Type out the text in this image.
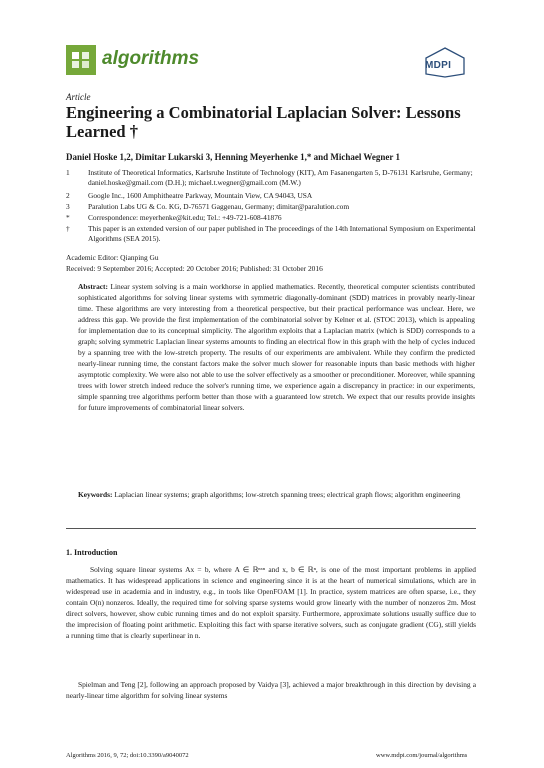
algorithms	MDPI
Article
Engineering a Combinatorial Laplacian Solver: Lessons Learned †
Daniel Hoske 1,2, Dimitar Lukarski 3, Henning Meyerhenke 1,* and Michael Wegner 1
1	Institute of Theoretical Informatics, Karlsruhe Institute of Technology (KIT), Am Fasanengarten 5, D-76131 Karlsruhe, Germany; daniel.hoske@gmail.com (D.H.); michael.t.wegner@gmail.com (M.W.)
2	Google Inc., 1600 Amphitheatre Parkway, Mountain View, CA 94043, USA
3	Paralution Labs UG & Co. KG, D-76571 Gaggenau, Germany; dimitar@paralution.com
*	Correspondence: meyerhenke@kit.edu; Tel.: +49-721-608-41876
†	This paper is an extended version of our paper published in The proceedings of the 14th International Symposium on Experimental Algorithms (SEA 2015).
Academic Editor: Qianping Gu
Received: 9 September 2016; Accepted: 20 October 2016; Published: 31 October 2016
Abstract: Linear system solving is a main workhorse in applied mathematics. Recently, theoretical computer scientists contributed sophisticated algorithms for solving linear systems with symmetric diagonally-dominant (SDD) matrices in provably nearly-linear time. These algorithms are very interesting from a theoretical perspective, but their practical performance was unclear. Here, we address this gap. We provide the first implementation of the combinatorial solver by Kelner et al. (STOC 2013), which is appealing for implementation due to its conceptual simplicity. The algorithm exploits that a Laplacian matrix (which is SDD) corresponds to a graph; solving symmetric Laplacian linear systems amounts to finding an electrical flow in this graph with the help of cycles induced by a spanning tree with the low-stretch property. The results of our experiments are ambivalent. While they confirm the predicted nearly-linear running time, the constant factors make the solver much slower for reasonable inputs than basic methods with higher asymptotic complexity. We were also not able to use the solver effectively as a smoother or preconditioner. Moreover, while spanning trees with lower stretch indeed reduce the solver's running time, we experience again a discrepancy in practice: in our experiments, simple spanning tree algorithms perform better than those with a guaranteed low stretch. We expect that our results provide insights for future improvements of combinatorial linear solvers.
Keywords: Laplacian linear systems; graph algorithms; low-stretch spanning trees; electrical graph flows; algorithm engineering
1. Introduction
Solving square linear systems Ax = b, where A ∈ ℝⁿˣⁿ and x, b ∈ ℝⁿ, is one of the most important problems in applied mathematics. It has widespread applications in science and engineering since it is at the heart of numerical simulations, which are in widespread use in academia and in industry, e.g., in tools like OpenFOAM [1]. In practice, system matrices are often sparse, i.e., they contain O(n) nonzeros. Ideally, the required time for solving sparse systems would grow linearly with the number of nonzeros 2m. Most direct solvers, however, show cubic running times and do not exploit sparsity. Furthermore, approximate solutions usually suffice due to the imprecision of floating point arithmetic. Exploiting this fact with sparse iterative solvers, such as conjugate gradient (CG), still yields a running time that is clearly superlinear in n.
Spielman and Teng [2], following an approach proposed by Vaidya [3], achieved a major breakthrough in this direction by devising a nearly-linear time algorithm for solving linear systems
Algorithms 2016, 9, 72; doi:10.3390/a9040072	www.mdpi.com/journal/algorithms
